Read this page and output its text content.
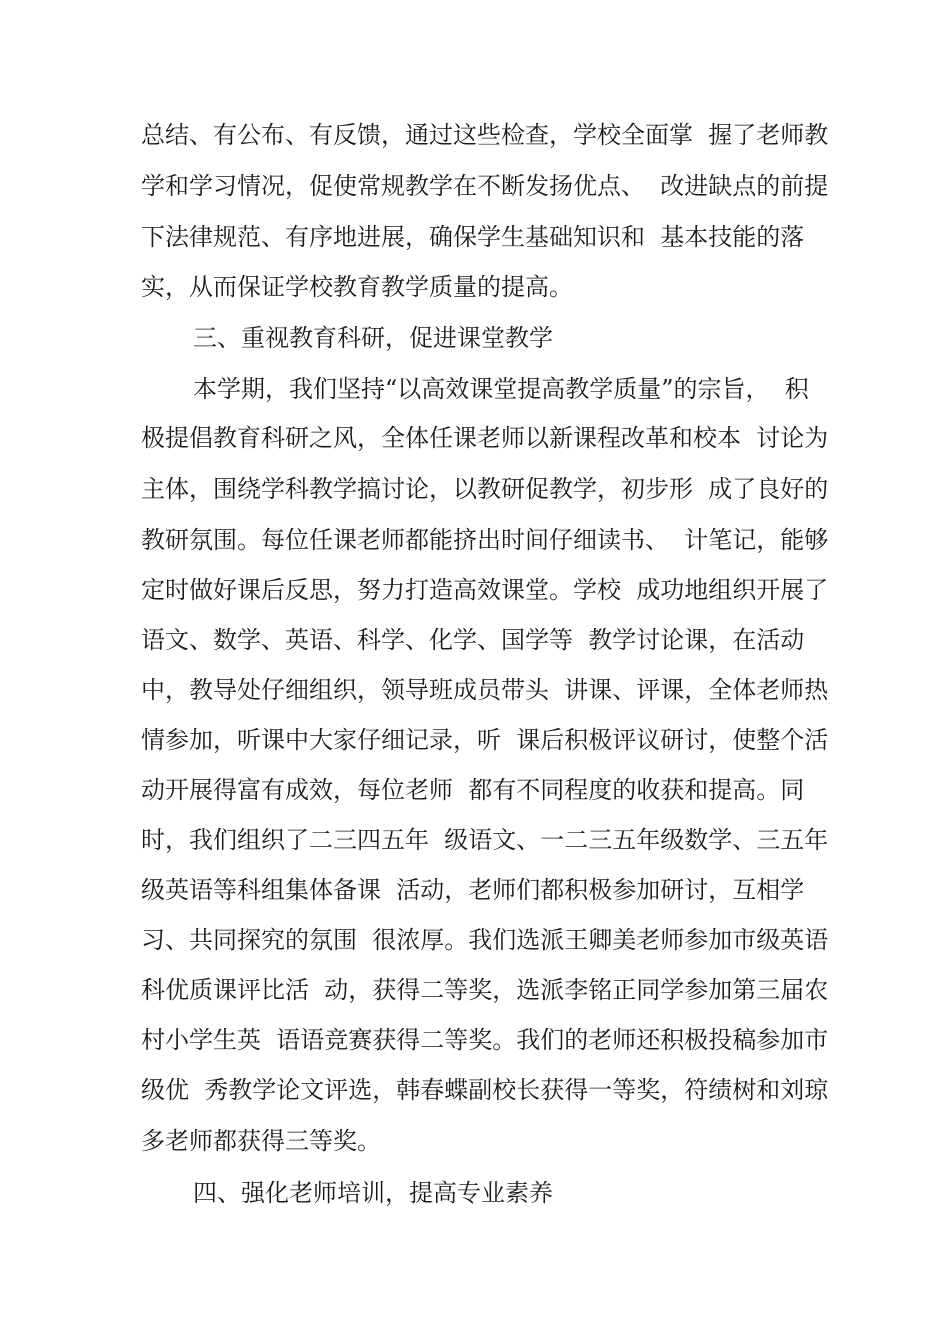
总结、有公布、有反馈，通过这些检查，学校全面掌  握了老师教
学和学习情况，促使常规教学在不断发扬优点、  改进缺点的前提
下法律规范、有序地进展，确保学生基础知识和  基本技能的落
实，从而保证学校教育教学质量的提高。
三、重视教育科研，促进课堂教学
本学期，我们坚持“以高效课堂提高教学质量”的宗旨，  积
极提倡教育科研之风，全体任课老师以新课程改革和校本  讨论为
主体，围绕学科教学搞讨论，以教研促教学，初步形  成了良好的
教研氛围。每位任课老师都能挤出时间仔细读书、  计笔记，能够
定时做好课后反思，努力打造高效课堂。学校  成功地组织开展了
语文、数学、英语、科学、化学、国学等  教学讨论课，在活动
中，教导处仔细组织，领导班成员带头  讲课、评课，全体老师热
情参加，听课中大家仔细记录，听  课后积极评议研讨，使整个活
动开展得富有成效，每位老师  都有不同程度的收获和提高。同
时，我们组织了二三四五年  级语文、一二三五年级数学、三五年
级英语等科组集体备课  活动，老师们都积极参加研讨，互相学
习、共同探究的氛围  很浓厚。我们选派王卿美老师参加市级英语
科优质课评比活  动，获得二等奖，选派李铭正同学参加第三届农
村小学生英  语语竞赛获得二等奖。我们的老师还积极投稿参加市
级优  秀教学论文评选，韩春蝶副校长获得一等奖，符绩树和刘琼
多老师都获得三等奖。
四、强化老师培训，提高专业素养
